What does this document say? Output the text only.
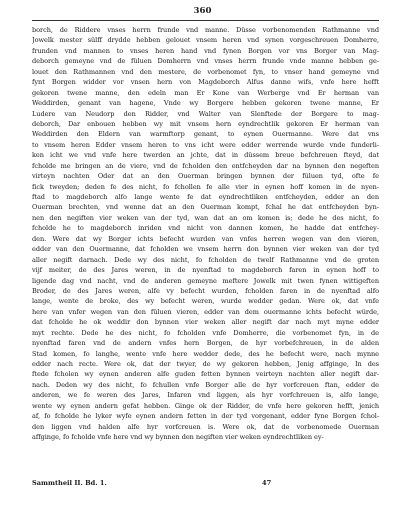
360
borch, de Riddere vnses herrn frunde vnd manne. Düsse vorbenomenden Rathmanne vnd
Jowelk mester sülff drydde hebben gelouet vnsem heren vnd synen vorgeschreuen Domherre,
frunden vnd mannen to vnses heren hand vnd fynen Borgen vor vns Borger van Mag-
deborch gemeyne vnd de füluen Domherrn vnd vnses herrn frunde vnde manne hebben ge-
louet den Rathmannen vnd den mestere, de vorbenomet fyn, to vnser hand gemeyne vnd
fynt Borgen widder vor vnsen hern von Magdeborch Alfus danne wifs, vnfe here hefft
gekoren twene manne, den edeln man Er Kone van Werberge vnd Er herman van
Weddirden, genant van hagene, Vnde wy Borgere hebben gekoren twene manne, Er
Ludere van Neudorp den Ridder, vnd Walter van Slenftede der Borgere to mag-
deborch, Dar enbouen hebben wy mit vnsem hern eyndrechtlik gekoren Er herman van
Weddirden den Eldern van warmftorp genant, to eynen Ouermanne. Were dat vns
to vnsem heren Edder vnsem heren to vns icht were edder werrende wurde vnde funderli-
ken icht we vnd vnfe here twerden an jchte, dat in düssem breue befchreuen fteyd, dat
fcholde me bringen an de viere, vnd de fcholden den entfcheyden dar na bynnen den negeften
virteyn nachten Oder dat an den Ouerman bringen bynnen der füluen tyd, ofte fe
fick tweyden; deden fe des nicht, fo fchollen fe alle vier in eynen hoff komen in de nyen-
ftad to magdeborch alfo lange wente fe dat eyndrechtliken entfcheyden, edder an den
Ouerman brechten, vnd wenne dat an den Ouerman kompt, fchal he dat entfcheyden byn-
nen den negiften vier weken van der tyd, wan dat an om komen is; dede he des nicht, fo
fcholde he to magdeborch inriden vnd nicht von dannen komen, he hadde dat entfchey-
den. Were dat wy Borger ichts befecht wurden van vnfes herren wegen van den vieren,
edder van den Ouermanne, dat fcholden we vnsem herrn don bynnen vier weken van der tyd
aller negift darnach. Dede wy des nicht, fo fcholden de twelf Rathmanne vnd de groten
vijf meiter, de des Jares weren, in de nyenftad to magdeborch faren in eynen hoff to
ligende dag vnd nacht, vnd de anderen gemeyne meftere Jowelk mit twen fynen wittigeften
Broder, de des Jares weren, alfe vy befecht wurden, fcholden faren in de nyenftad alfo
lange, wente de broke, des wy befecht weren, wurde wedder gedan. Were ok, dat vnfe
here van vnfer wegen van den füluen vieren, edder van dem ouermanne ichts befecht würde,
dat fcholde he ok weddir don bynnen vier weken aller negift dar nach myt myne edder
myt rechte. Dede he des nicht, fo fcholden vnfe Domherre, die vorbenomet fyn, in de
nyenftad faren vnd de andern vnfes hern Borgen, de hyr vorbefchreuen, in de alden
Stad komen, fo langhe, wente vnfe here wedder dede, des he befecht were, nach mynne
edder nach recte. Were ok, dat der twyer, de wy gekoren hebben, Jenig affginge, In des
ftede fcholen wy eynen anderen alfe guden fetten bynnen veirteyn nachten aller negift dar-
nach. Deden wy des nicht, fo fchullen vnfe Borger alle de hyr vorfcreuen ftan, edder de
anderen, we fe weren des Jares, Infaren vnd liggen, als hyr vorfchreuen is, alfo lange,
wente wy eynen andern gefat hebben. Ginge ok der Ridder, de vnfe here gekoren hefft, jenich
af, fo fcholde he lyker wyfe eynen andern fetten in der tyd vorgenant, edder fyne Borgen fchol-
den liggen vnd halden alfe hyr vorfcreuen is. Were ok, dat de vorbenomede Ouerman
affginge, fo fcholde vnfe here vnd wy bynnen den negiften vier weken eyndrechtliken ey-
Sammtheil II. Bd. 1.	47
